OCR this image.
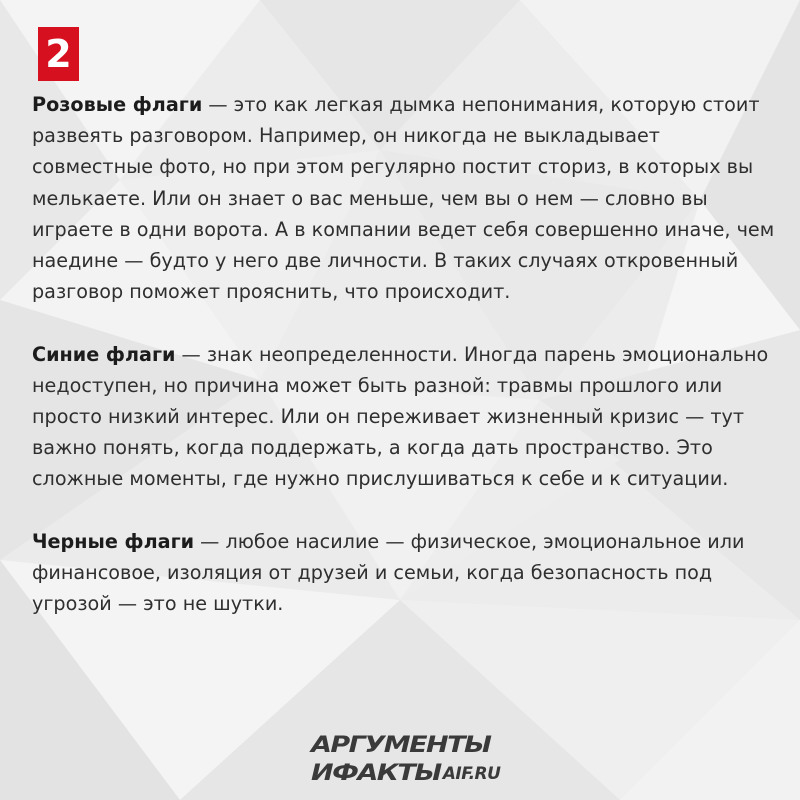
2

Розовые флаги — это как легкая дымка непонимания, которую стоит развеять разговором. Например, он никогда не выкладывает совместные фото, но при этом регулярно постит сториз, в которых вы мелькаете. Или он знает о вас меньше, чем вы о нем — словно вы играете в одни ворота. А в компании ведет себя совершенно иначе, чем наедине — будто у него две личности. В таких случаях откровенный разговор поможет прояснить, что происходит.

Синие флаги — знак неопределенности. Иногда парень эмоционально недоступен, но причина может быть разной: травмы прошлого или просто низкий интерес. Или он переживает жизненный кризис — тут важно понять, когда поддержать, а когда дать пространство. Это сложные моменты, где нужно прислушиваться к себе и к ситуации.

Черные флаги — любое насилие — физическое, эмоциональное или финансовое, изоляция от друзей и семьи, когда безопасность под угрозой — это не шутки.

АРГУМЕНТЫ
ИФАКТЫ AIF.RU
